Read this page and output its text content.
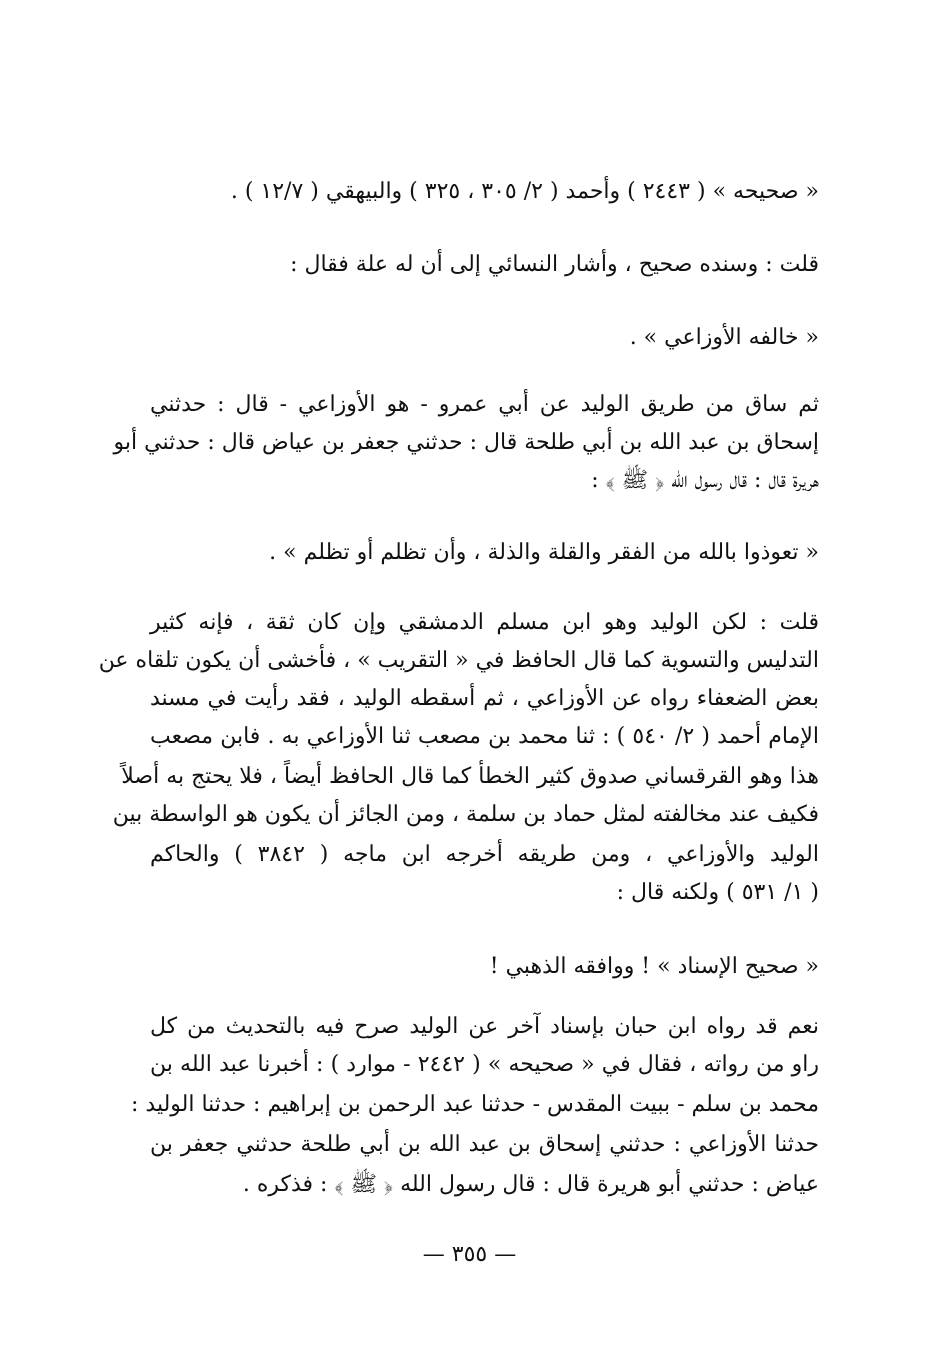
« صحيحه » ( ٢٤٤٣ ) وأحمد ( ٢/ ٣٠٥ ، ٣٢٥ ) والبيهقي ( ١٢/٧ ) .
قلت : وسنده صحيح ، وأشار النسائي إلى أن له علة فقال :
« خالفه الأوزاعي » .
ثم ساق من طريق الوليد عن أبي عمرو - هو الأوزاعي - قال : حدثني
إسحاق بن عبد الله بن أبي طلحة قال : حدثني جعفر بن عياض قال : حدثني أبو
هريرة قال : قال رسول الله ﴿ ﷺ ﴾ :
« تعوذوا بالله من الفقر والقلة والذلة ، وأن تظلم أو تظلم » .
قلت : لكن الوليد وهو ابن مسلم الدمشقي وإن كان ثقة ، فإنه كثير
التدليس والتسوية كما قال الحافظ في « التقريب » ، فأخشى أن يكون تلقاه عن
بعض الضعفاء رواه عن الأوزاعي ، ثم أسقطه الوليد ، فقد رأيت في مسند
الإمام أحمد ( ٢/ ٥٤٠ ) : ثنا محمد بن مصعب ثنا الأوزاعي به . فابن مصعب
هذا وهو القرقساني صدوق كثير الخطأ كما قال الحافظ أيضاً ، فلا يحتج به أصلاً
فكيف عند مخالفته لمثل حماد بن سلمة ، ومن الجائز أن يكون هو الواسطة بين
الوليد والأوزاعي ، ومن طريقه أخرجه ابن ماجه ( ٣٨٤٢ ) والحاكم
( ١/ ٥٣١ ) ولكنه قال :
« صحيح الإسناد » ! ووافقه الذهبي !
نعم قد رواه ابن حبان بإسناد آخر عن الوليد صرح فيه بالتحديث من كل
راو من رواته ، فقال في « صحيحه » ( ٢٤٤٢ - موارد ) : أخبرنا عبد الله بن
محمد بن سلم - ببيت المقدس - حدثنا عبد الرحمن بن إبراهيم : حدثنا الوليد :
حدثنا الأوزاعي : حدثني إسحاق بن عبد الله بن أبي طلحة حدثني جعفر بن
عياض : حدثني أبو هريرة قال : قال رسول الله ﴿ ﷺ ﴾ : فذكره .
— ٣٥٥ —
